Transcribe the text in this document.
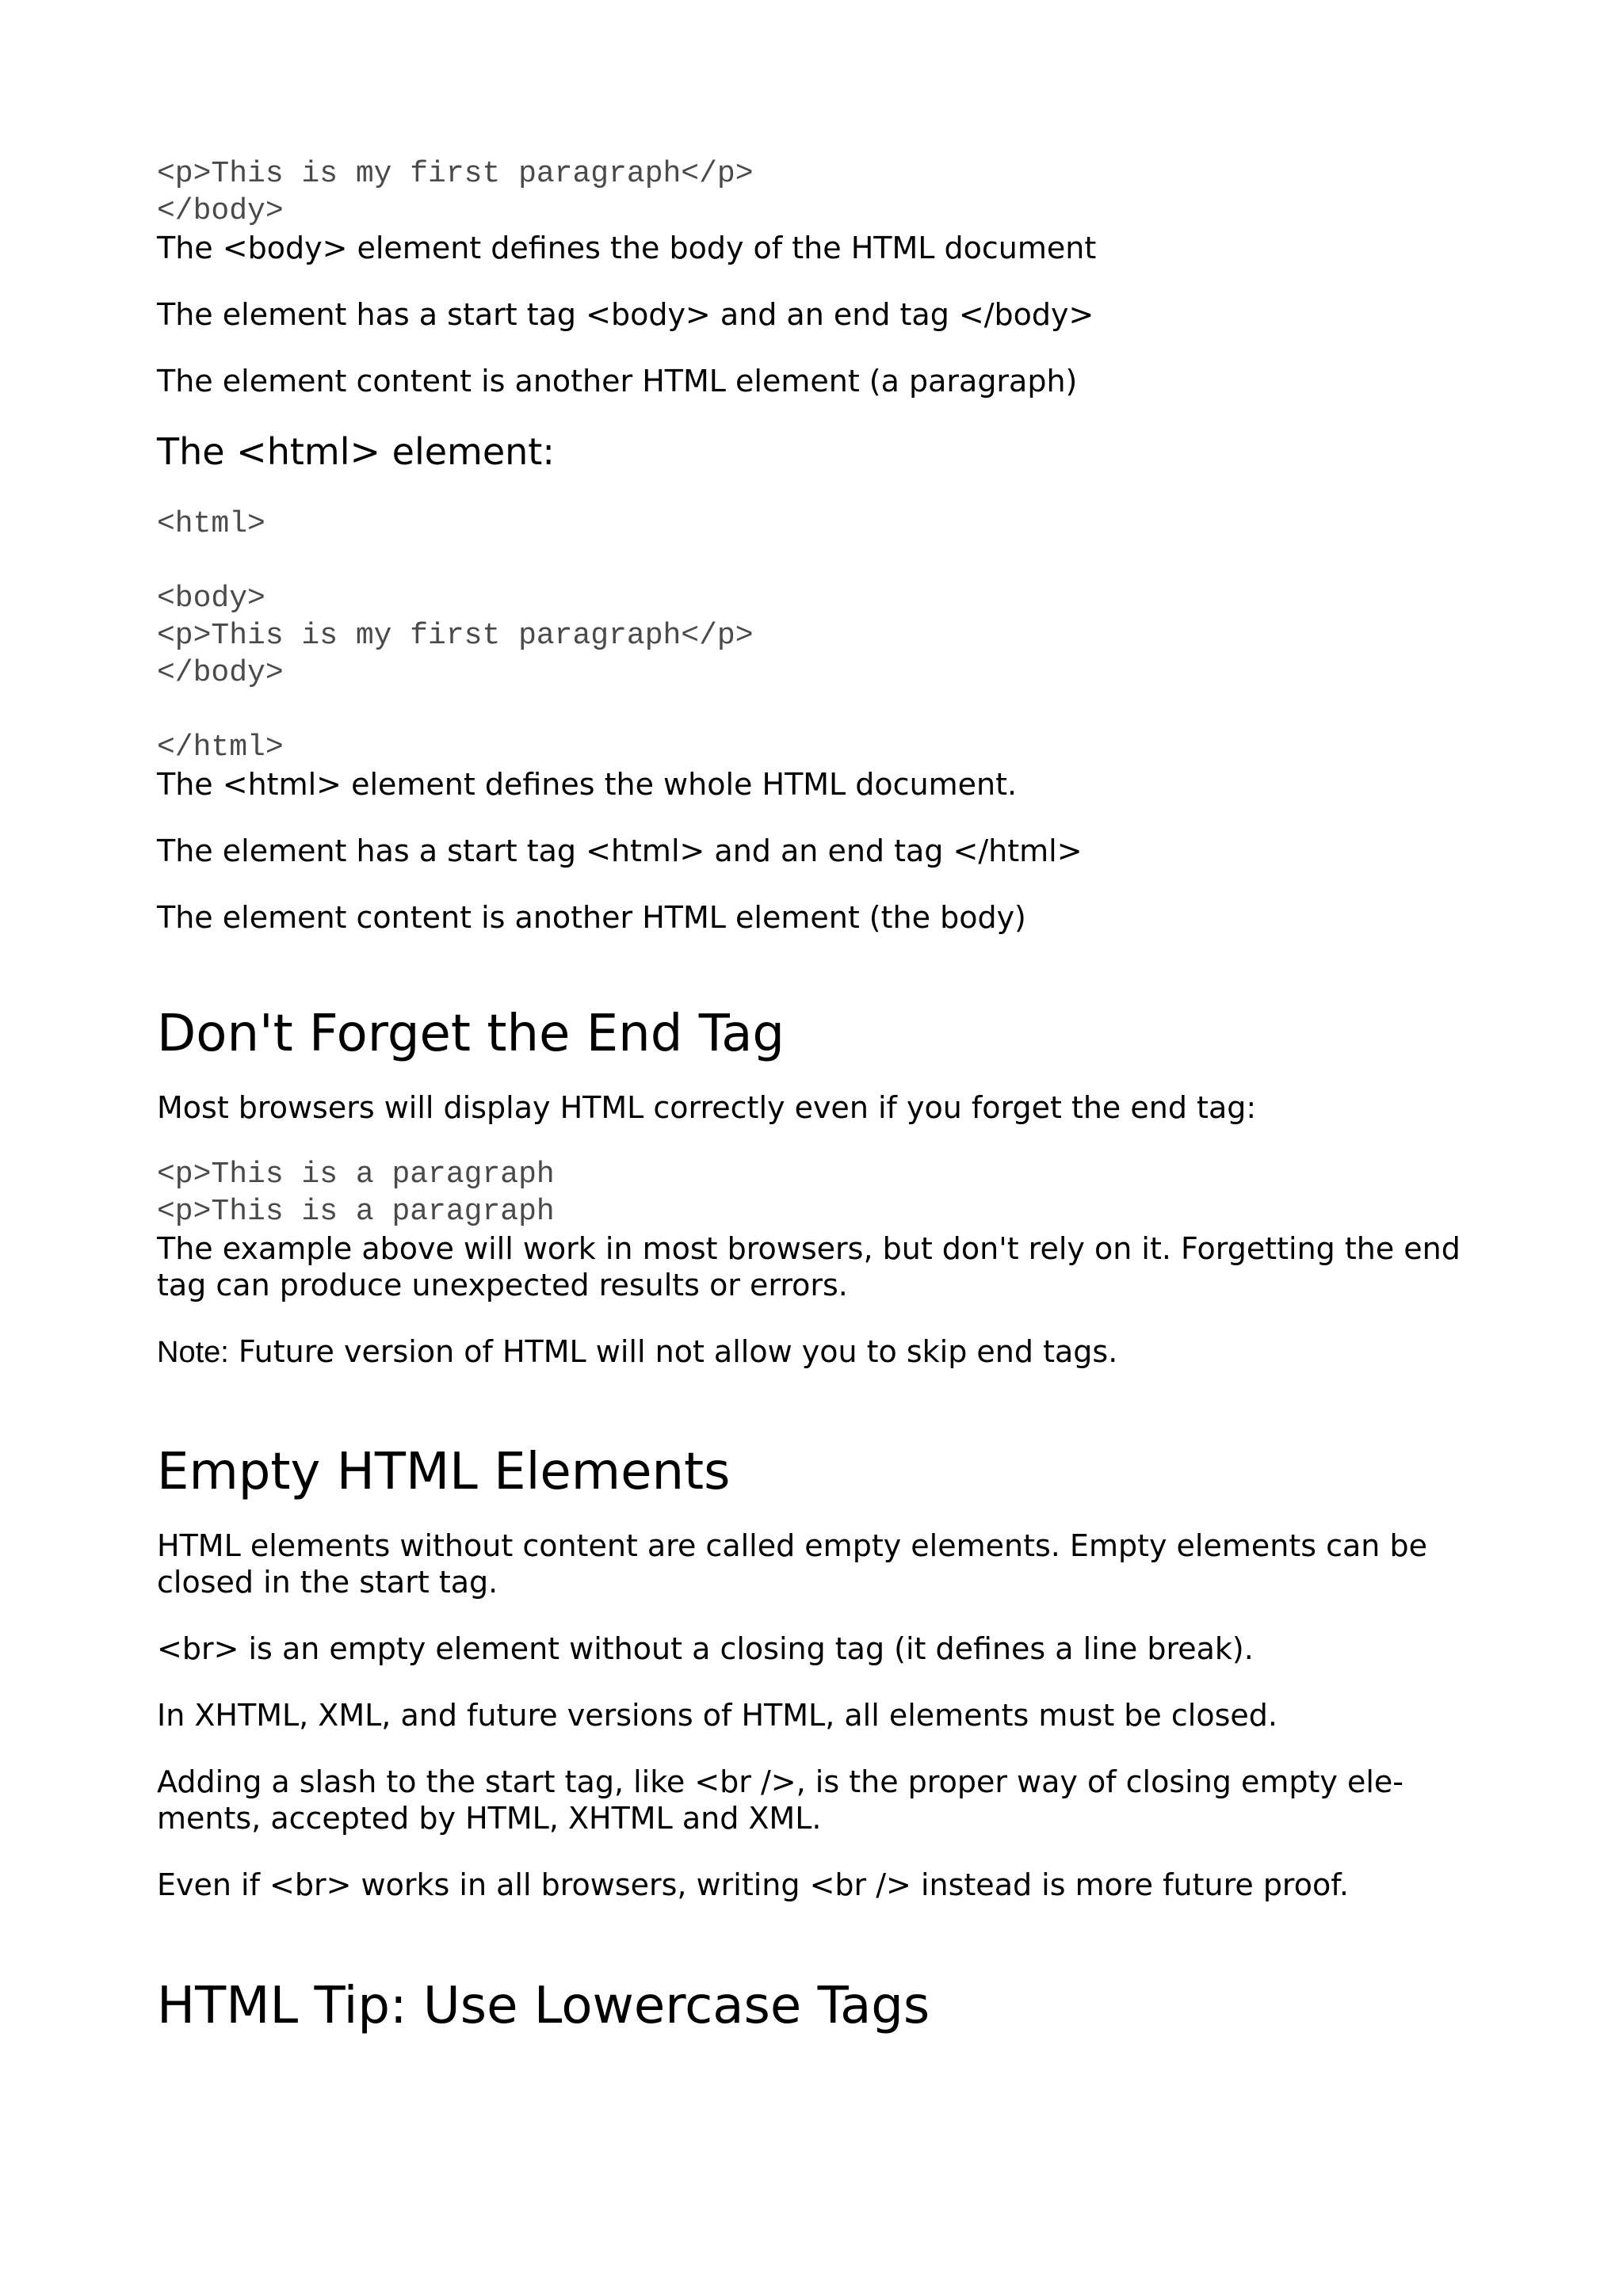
<p>This is my first paragraph</p>
</body>

The <body> element defines the body of the HTML document

The element has a start tag <body> and an end tag </body>

The element content is another HTML element (a paragraph)

The <html> element:
<html>

<body>
<p>This is my first paragraph</p>
</body>

</html>

The <html> element defines the whole HTML document.

The element has a start tag <html> and an end tag </html>

The element content is another HTML element (the body)

Don't Forget the End Tag

Most browsers will display HTML correctly even if you forget the end tag:

<p>This is a paragraph
<p>This is a paragraph

The example above will work in most browsers, but don't rely on it. Forgetting the end tag can produce unexpected results or errors.

Note: Future version of HTML will not allow you to skip end tags.

Empty HTML Elements

HTML elements without content are called empty elements. Empty elements can be closed in the start tag.

<br> is an empty element without a closing tag (it defines a line break).

In XHTML, XML, and future versions of HTML, all elements must be closed.

Adding a slash to the start tag, like <br />, is the proper way of closing empty ele-ments, accepted by HTML, XHTML and XML.

Even if <br> works in all browsers, writing <br /> instead is more future proof.

HTML Tip: Use Lowercase Tags
